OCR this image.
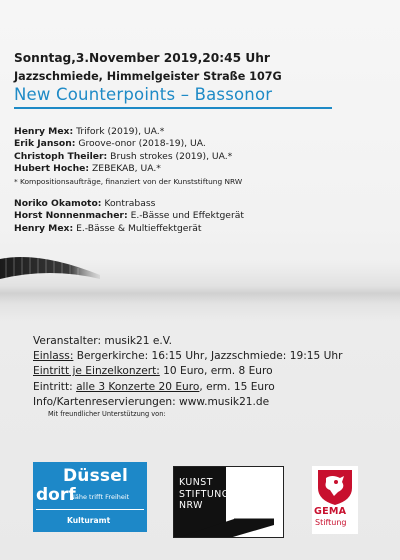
Sonntag,3.November 2019,20:45 Uhr
Jazzschmiede, Himmelgeister Straße 107G
New Counterpoints – Bassonor
Henry Mex: Trifork (2019), UA.*
Erik Janson: Groove-onor (2018-19), UA.
Christoph Theiler: Brush strokes (2019), UA.*
Hubert Hoche: ZEBEKAB, UA.*
* Kompositionsaufträge, finanziert von der Kunststiftung NRW
Noriko Okamoto: Kontrabass
Horst Nonnenmacher: E.-Bässe und Effektgerät
Henry Mex: E.-Bässe & Multieffektgerät
Veranstalter: musik21 e.V.
Einlass: Bergerkirche: 16:15 Uhr, Jazzschmiede: 19:15 Uhr
Eintritt je Einzelkonzert: 10 Euro, erm. 8 Euro
Eintritt: alle 3 Konzerte 20 Euro, erm. 15 Euro
Info/Kartenreservierungen: www.musik21.de
Mit freundlicher Unterstützung von:
Düssel
dorf
Nähe trifft Freiheit
Kulturamt
KUNST
STIFTUNG
NRW
GEMA
Stiftung
